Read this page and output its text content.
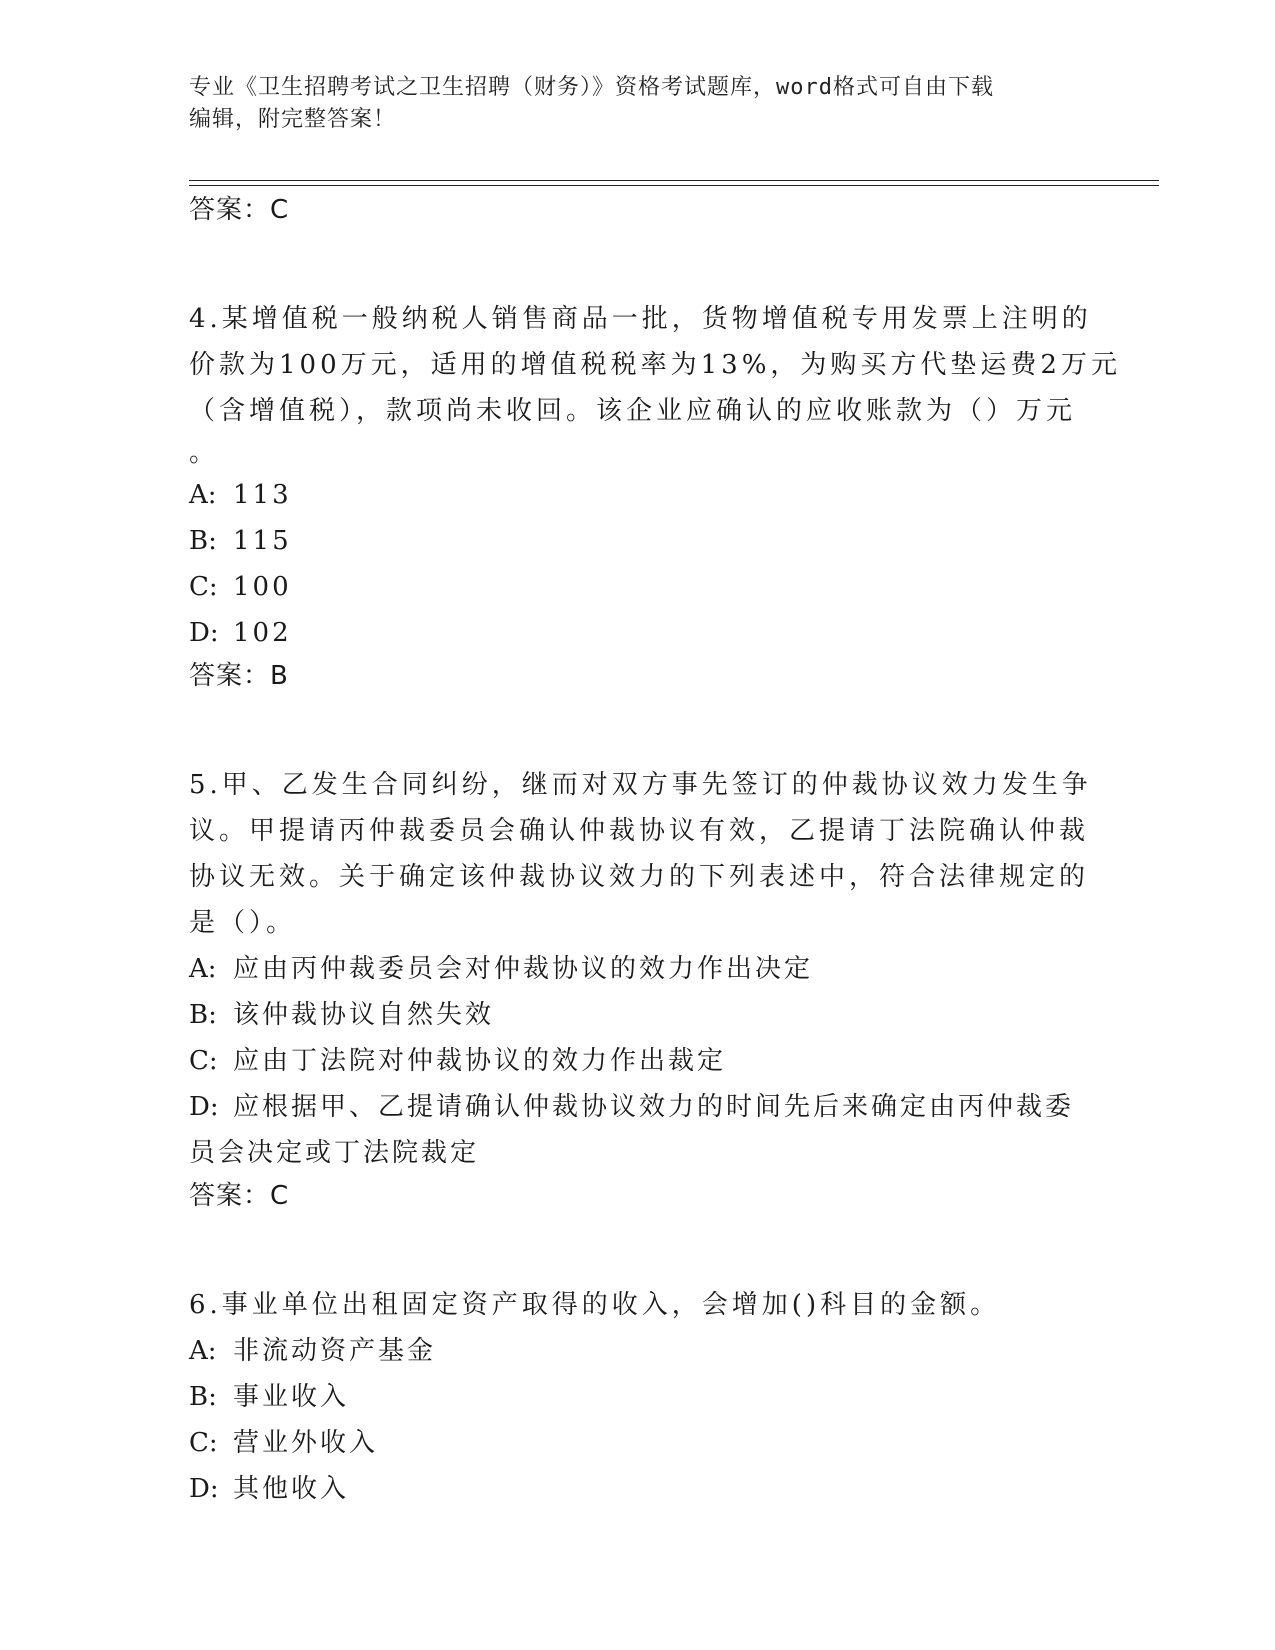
专业《卫生招聘考试之卫生招聘（财务）》资格考试题库，word格式可自由下载
编辑，附完整答案！
答案：C
4.某增值税一般纳税人销售商品一批，货物增值税专用发票上注明的
价款为100万元，适用的增值税税率为13%，为购买方代垫运费2万元
（含增值税），款项尚未收回。该企业应确认的应收账款为（）万元
。
A: 113
B: 115
C: 100
D: 102
答案：B
5.甲、乙发生合同纠纷，继而对双方事先签订的仲裁协议效力发生争
议。甲提请丙仲裁委员会确认仲裁协议有效，乙提请丁法院确认仲裁
协议无效。关于确定该仲裁协议效力的下列表述中，符合法律规定的
是（）。
A: 应由丙仲裁委员会对仲裁协议的效力作出决定
B: 该仲裁协议自然失效
C: 应由丁法院对仲裁协议的效力作出裁定
D: 应根据甲、乙提请确认仲裁协议效力的时间先后来确定由丙仲裁委
员会决定或丁法院裁定
答案：C
6.事业单位出租固定资产取得的收入，会增加()科目的金额。
A: 非流动资产基金
B: 事业收入
C: 营业外收入
D: 其他收入
